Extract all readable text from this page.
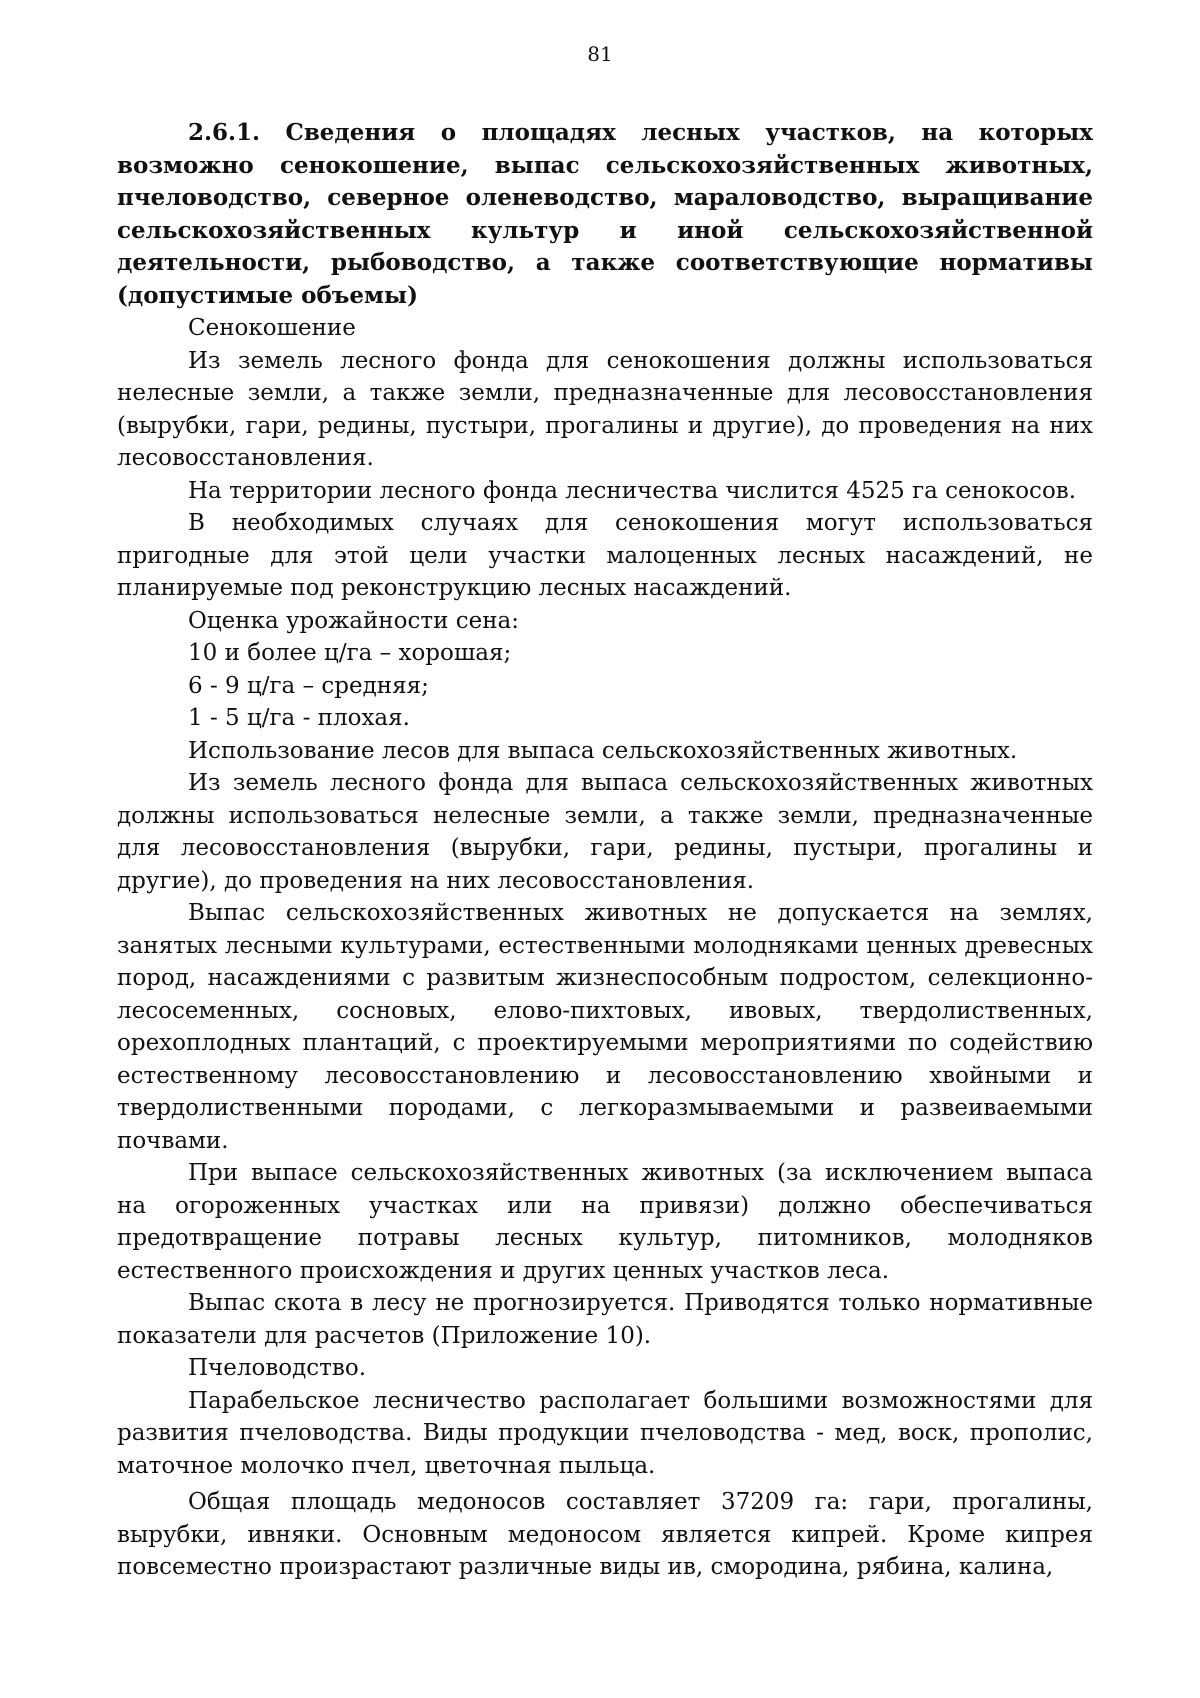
81
2.6.1. Сведения о площадях лесных участков, на которых возможно сенокошение, выпас сельскохозяйственных животных, пчеловодство, северное оленеводство, мараловодство, выращивание сельскохозяйственных культур и иной сельскохозяйственной деятельности, рыбоводство, а также соответствующие нормативы (допустимые объемы)

Сенокошение

Из земель лесного фонда для сенокошения должны использоваться нелесные земли, а также земли, предназначенные для лесовосстановления (вырубки, гари, редины, пустыри, прогалины и другие), до проведения на них лесовосстановления.

На территории лесного фонда лесничества числится 4525 га сенокосов.

В необходимых случаях для сенокошения могут использоваться пригодные для этой цели участки малоценных лесных насаждений, не планируемые под реконструкцию лесных насаждений.

Оценка урожайности сена:

10 и более ц/га – хорошая;

6 - 9 ц/га – средняя;

1 - 5 ц/га - плохая.

Использование лесов для выпаса сельскохозяйственных животных.

Из земель лесного фонда для выпаса сельскохозяйственных животных должны использоваться нелесные земли, а также земли, предназначенные для лесовосстановления (вырубки, гари, редины, пустыри, прогалины и другие), до проведения на них лесовосстановления.

Выпас сельскохозяйственных животных не допускается на землях, занятых лесными культурами, естественными молодняками ценных древесных пород, насаждениями с развитым жизнеспособным подростом, селекционно-лесосеменных, сосновых, елово-пихтовых, ивовых, твердолиственных, орехоплодных плантаций, с проектируемыми мероприятиями по содействию естественному лесовосстановлению и лесовосстановлению хвойными и твердолиственными породами, с легкоразмываемыми и развеиваемыми почвами.

При выпасе сельскохозяйственных животных (за исключением выпаса на огороженных участках или на привязи) должно обеспечиваться предотвращение потравы лесных культур, питомников, молодняков естественного происхождения и других ценных участков леса.

Выпас скота в лесу не прогнозируется. Приводятся только нормативные показатели для расчетов (Приложение 10).

Пчеловодство.

Парабельское лесничество располагает большими возможностями для развития пчеловодства. Виды продукции пчеловодства - мед, воск, прополис, маточное молочко пчел, цветочная пыльца.

Общая площадь медоносов составляет 37209 га: гари, прогалины, вырубки, ивняки. Основным медоносом является кипрей. Кроме кипрея повсеместно произрастают различные виды ив, смородина, рябина, калина,
